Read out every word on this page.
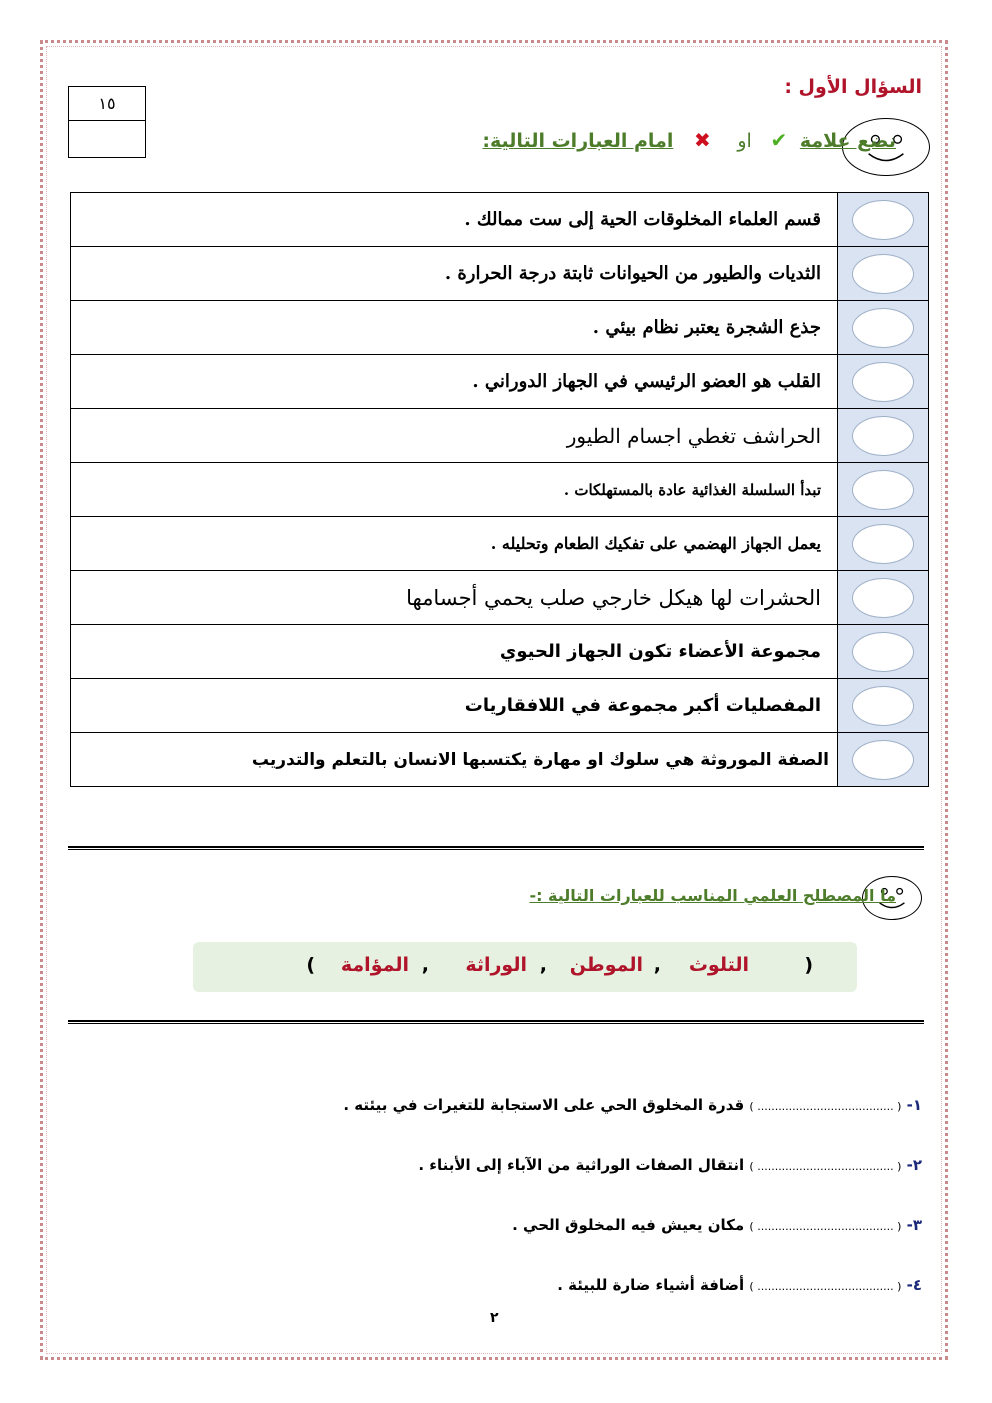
١٥
السؤال الأول :
نضع علامة ✔ او ✖ امام العبارات التالية:
	قسم العلماء المخلوقات الحية إلى ست ممالك .
	الثديات والطيور من الحيوانات ثابتة درجة الحرارة .
	جذع الشجرة يعتبر نظام بيئي .
	القلب هو العضو الرئيسي في الجهاز الدوراني .
	الحراشف تغطي اجسام الطيور
	تبدأ السلسلة الغذائية عادة بالمستهلكات .
	يعمل الجهاز الهضمي على تفكيك الطعام وتحليله .
	الحشرات لها هيكل خارجي صلب يحمي أجسامها
	مجموعة الأعضاء تكون الجهاز الحيوي
	المفصليات أكبر مجموعة في اللافقاريات
	الصفة الموروثة هي سلوك او مهارة يكتسبها الانسان بالتعلم والتدريب
ما المصطلح العلمي المناسب للعبارات التالية :-
(
التلوث
,
الموطن
,
الوراثة
,
المؤامة
)
١- ( ....................................... ) قدرة المخلوق الحي على الاستجابة للتغيرات في بيئته .
٢- ( ....................................... ) انتقال الصفات الوراثية من الآباء إلى الأبناء .
٣- ( ....................................... ) مكان يعيش فيه المخلوق الحي .
٤- ( ....................................... ) أضافة أشياء ضارة للبيئة .
٢
